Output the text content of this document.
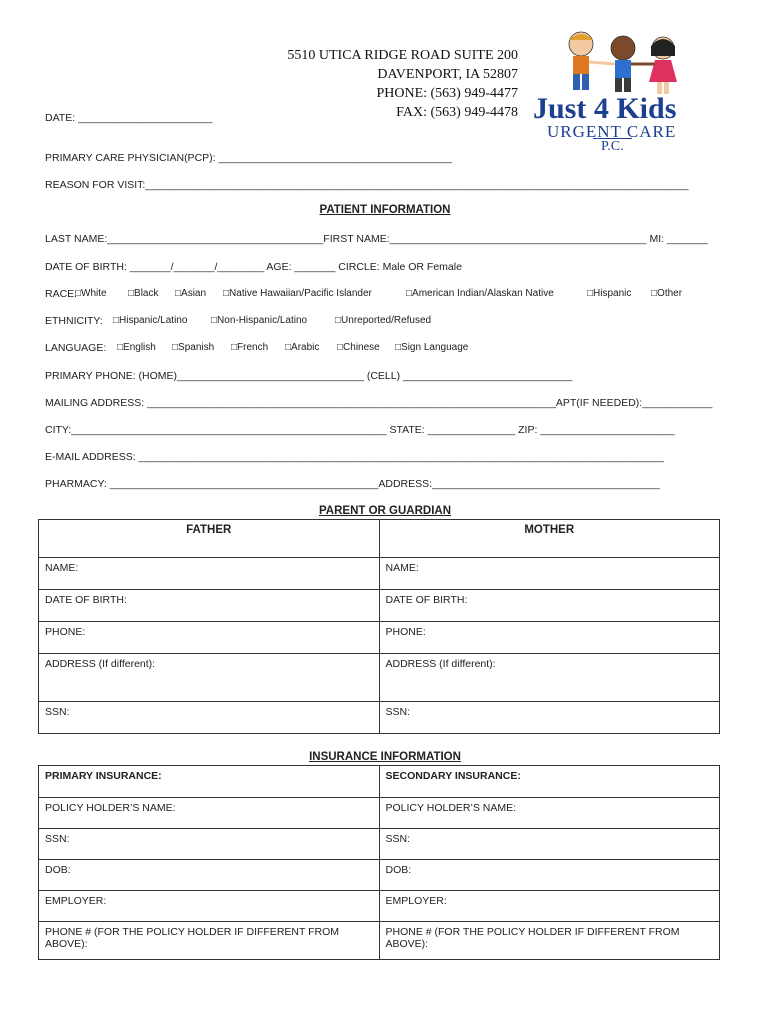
5510 UTICA RIDGE ROAD SUITE 200
DAVENPORT, IA 52807
PHONE: (563) 949-4477
FAX: (563) 949-4478 Just 4 Kids
URGENT CARE
P.C.
DATE: _______________________
PRIMARY CARE PHYSICIAN(PCP): ________________________________________
REASON FOR VISIT:_____________________________________________________________________________________________
PATIENT INFORMATION
LAST NAME:_____________________________________FIRST NAME:____________________________________________ MI: _______
DATE OF BIRTH: _______/_______/________ AGE: _______ CIRCLE: Male OR Female
RACE:
□White □Black □Asian □Native Hawaiian/Pacific Islander	□American Indian/Alaskan Native	□Hispanic □Other
ETHNICITY: □Hispanic/Latino □Non-Hispanic/Latino	□Unreported/Refused
LANGUAGE: □English □Spanish □French □Arabic □Chinese □Sign Language
PRIMARY PHONE: (HOME)________________________________ (CELL) _____________________________
MAILING ADDRESS: ______________________________________________________________________APT(IF NEEDED):____________
CITY:______________________________________________________ STATE: _______________ ZIP: _______________________
E-MAIL ADDRESS: __________________________________________________________________________________________
PHARMACY: ______________________________________________ADDRESS:_______________________________________
PARENT OR GUARDIAN
FATHER	MOTHER
NAME:	NAME:
DATE OF BIRTH:	DATE OF BIRTH:
PHONE:	PHONE:
ADDRESS (If different):	ADDRESS (If different):
SSN:	SSN:
INSURANCE INFORMATION
PRIMARY INSURANCE:	SECONDARY INSURANCE:
POLICY HOLDER’S NAME:	POLICY HOLDER’S NAME:
SSN:	SSN:
DOB:	DOB:
EMPLOYER:	EMPLOYER:
PHONE # (FOR THE POLICY HOLDER IF DIFFERENT FROM ABOVE):	PHONE # (FOR THE POLICY HOLDER IF DIFFERENT FROM ABOVE):
